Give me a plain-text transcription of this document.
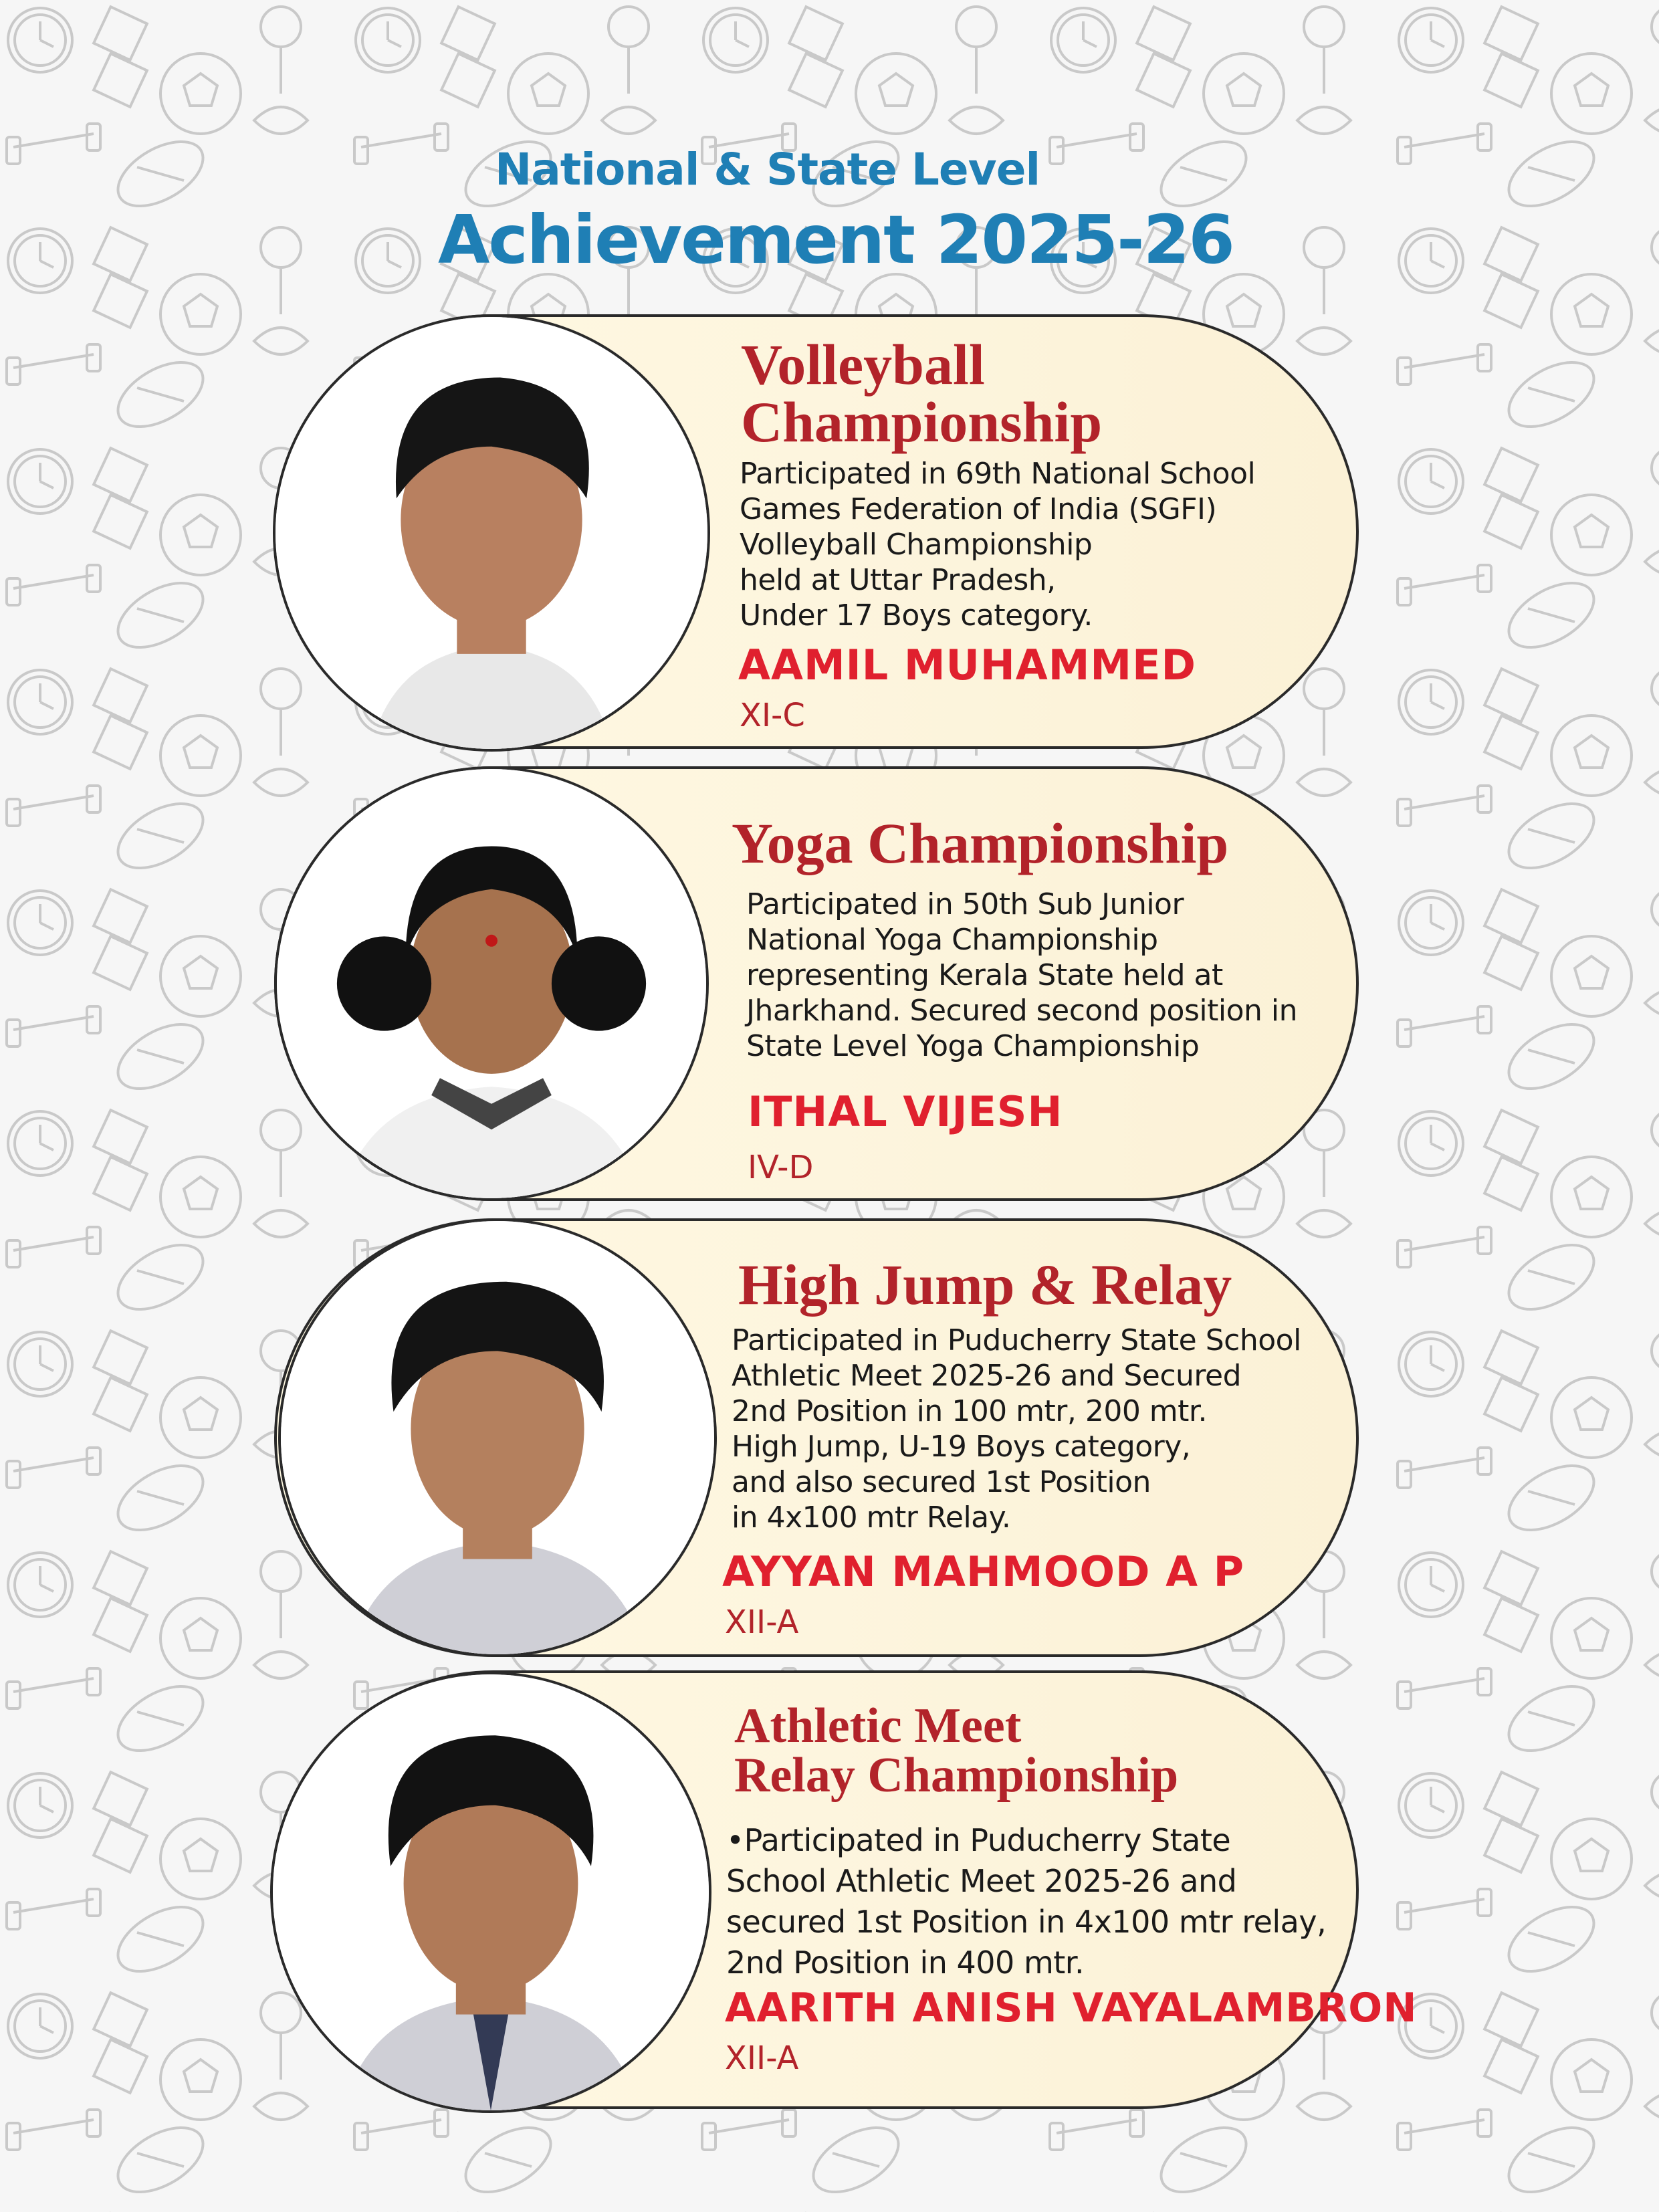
National & State Level
Achievement 2025-26
Volleyball
Championship
Participated in 69th National School
Games Federation of India (SGFI)
Volleyball Championship
held at Uttar Pradesh,
Under 17 Boys category.
AAMIL MUHAMMED
XI-C
Yoga Championship
Participated in 50th Sub Junior
National Yoga Championship
representing Kerala State held at
Jharkhand. Secured second position in
State Level Yoga Championship
ITHAL VIJESH
IV-D
High Jump & Relay
Participated in Puducherry State School
Athletic Meet 2025-26 and Secured
2nd Position in 100 mtr, 200 mtr.
High Jump, U-19 Boys category,
and also secured 1st Position
in 4x100 mtr Relay.
AYYAN MAHMOOD A P
XII-A
Athletic Meet
Relay Championship
•Participated in Puducherry State
School Athletic Meet 2025-26 and
secured 1st Position in 4x100 mtr relay,
2nd Position in 400 mtr.
AARITH ANISH VAYALAMBRON
XII-A
